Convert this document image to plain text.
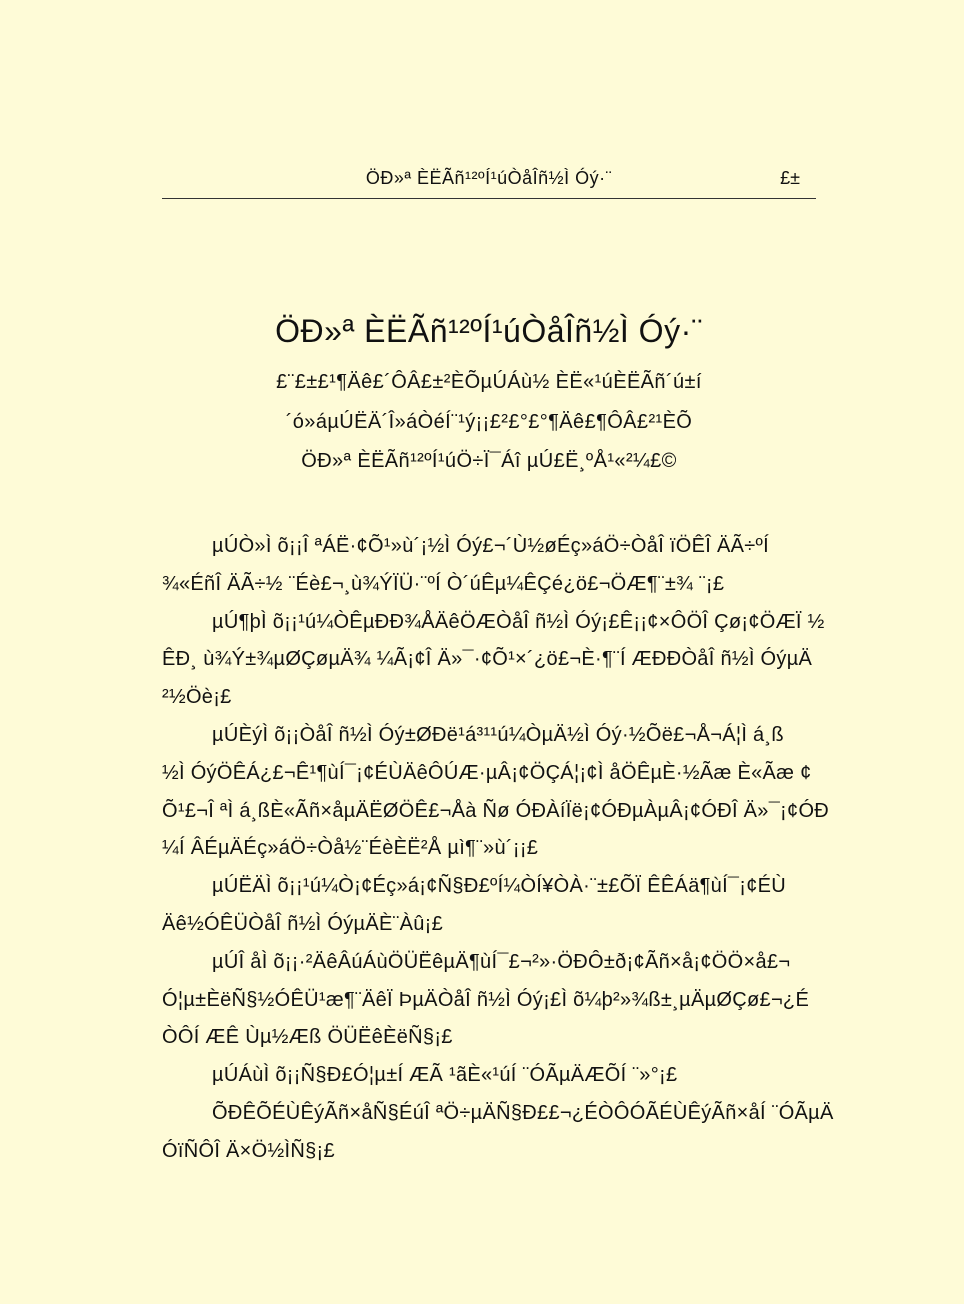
ÖÐ»ª ÈËÃñ¹²ºÍ¹úÒåÎñ½Ì Óý·¨	£±
ÖÐ»ª ÈËÃñ¹²ºÍ¹úÒåÎñ½Ì Óý·¨
£¨£±£¹¶Äê£´ÔÂ£±²ÈÕµÚÁù½ ÈË«¹úÈËÃñ´ú±í
´ó»áµÚËÄ´Î»áÒéÍ¨¹ý¡¡£²£°£°¶Äê£¶ÔÂ£²¹ÈÕ
ÖÐ»ª ÈËÃñ¹²ºÍ¹úÖ÷Ï¯Áî µÚ£Ë¸ºÅ¹«²¼£©

µÚÒ»Ì õ¡¡Î ªÁË·¢Õ¹»ù´¡½Ì Óý£¬´Ù½øÉç»áÖ÷ÒåÎ ïÖÊÎ ÄÃ÷ºÍ
¾«ÉñÎ ÄÃ÷½ ¨Éè£¬¸ù¾ÝÏÜ·¨ºÍ Ò´úÊµ¼ÊÇé¿ö£¬ÖÆ¶¨±¾ ¨¡£

µÚ¶þÌ õ¡¡¹ú¼ÒÊµÐÐ¾ÅÄêÖÆÒåÎ ñ½Ì Óý¡£Ê¡¡¢×ÔÖÎ Çø¡¢ÖÆÏ ½
ÊÐ¸ ù¾Ý±¾µØÇøµÄ¾ ¼Ã¡¢Î Ä»¯·¢Õ¹×´¿ö£¬È·¶¨Í ÆÐÐÒåÎ ñ½Ì ÓýµÄ
²½Öè¡£

µÚÈýÌ õ¡¡ÒåÎ ñ½Ì Óý±ØÐë¹á³¹¹ú¼ÒµÄ½Ì Óý·½Õë£¬Å¬Á¦Ì á¸ß
½Ì ÓýÖÊÁ¿£¬Ê¹¶ùÍ¯¡¢ÉÙÄêÔÚÆ·µÂ¡¢ÖÇÁ¦¡¢Ì åÖÊµÈ·½Ãæ È«Ãæ ¢
Õ¹£¬Î ªÌ á¸ßÈ«Ãñ×åµÄËØÖÊ£¬Åà Ñø ÓÐÀíÏë¡¢ÓÐµÀµÂ¡¢ÓÐÎ Ä»¯¡¢ÓÐ
¼Í ÂÉµÄÉç»áÖ÷Òå½¨ÉèÈË²Å µì¶¨»ù´¡¡£

µÚËÄÌ õ¡¡¹ú¼Ò¡¢Éç»á¡¢Ñ§Ð£ºÍ¼ÒÍ¥ÒÀ·¨±£ÕÏ ÊÊÁä¶ùÍ¯¡¢ÉÙ
Äê½ÓÊÜÒåÎ ñ½Ì ÓýµÄÈ¨Àû¡£

µÚÎ åÌ õ¡¡·²ÄêÂúÁùÖÜËêµÄ¶ùÍ¯£¬²»·ÖÐÔ±ð¡¢Ãñ×å¡¢ÖÖ×å£¬
Ó¦µ±ÈëÑ§½ÓÊÜ¹æ¶¨ÄêÏ ÞµÄÒåÎ ñ½Ì Óý¡£Ì õ¼þ²»¾ß±¸µÄµØÇø£¬¿É
ÒÔÍ ÆÊ Ùµ½Æß ÖÜËêÈëÑ§¡£

µÚÁùÌ õ¡¡Ñ§Ð£Ó¦µ±Í ÆÃ ¹ãÈ«¹úÍ ¨ÓÃµÄÆÕÍ ¨»°¡£

ÕÐÊÕÉÙÊýÃñ×åÑ§ÉúÎ ªÖ÷µÄÑ§Ð££¬¿ÉÒÔÓÃÉÙÊýÃñ×åÍ ¨ÓÃµÄ
ÓïÑÔÎ Ä×Ö½ÌÑ§¡£
